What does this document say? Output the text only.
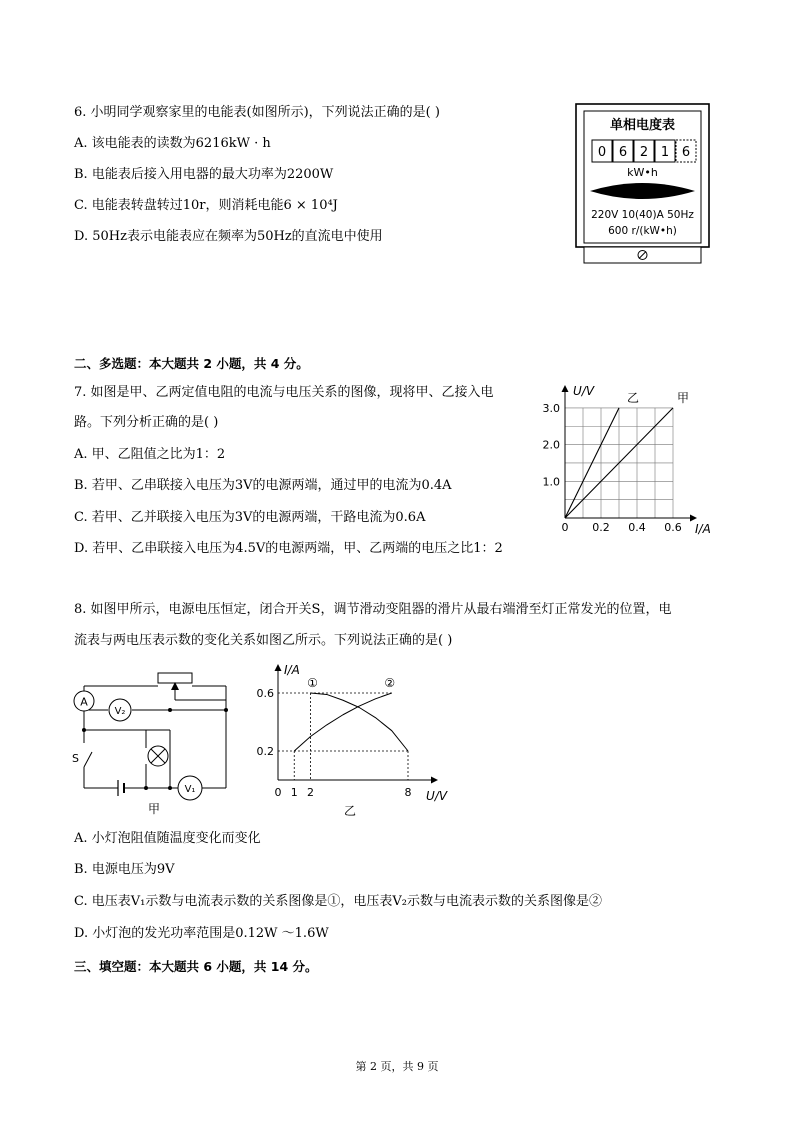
6. 小明同学观察家里的电能表(如图所示)，下列说法正确的是( )
A. 该电能表的读数为6216kW · h
B. 电能表后接入用电器的最大功率为2200W
C. 电能表转盘转过10r，则消耗电能6 × 10⁴J
D. 50Hz表示电能表应在频率为50Hz的直流电中使用
单相电度表
0 6 2 1 6
kW•h
220V 10(40)A 50Hz
600 r/(kW•h)
二、多选题：本大题共 2 小题，共 4 分。
7. 如图是甲、乙两定值电阻的电流与电压关系的图像，现将甲、乙接入电
路。下列分析正确的是( )
A. 甲、乙阻值之比为1：2
B. 若甲、乙串联接入电压为3V的电源两端，通过甲的电流为0.4A
C. 若甲、乙并联接入电压为3V的电源两端，干路电流为0.6A
D. 若甲、乙串联接入电压为4.5V的电源两端，甲、乙两端的电压之比1：2
0 0.2 0.4 0.6
1.0
2.0
3.0
甲
乙
U/V
I/A
8. 如图甲所示，电源电压恒定，闭合开关S，调节滑动变阻器的滑片从最右端滑至灯正常发光的位置，电
流表与两电压表示数的变化关系如图乙所示。下列说法正确的是( )
A
V₂
V₁
S
甲
0 1 2	8
0.2
0.6
①	②
I/A
U/V
乙
A. 小灯泡阻值随温度变化而变化
B. 电源电压为9V
C. 电压表V₁示数与电流表示数的关系图像是①，电压表V₂示数与电流表示数的关系图像是②
D. 小灯泡的发光功率范围是0.12W ～1.6W
三、填空题：本大题共 6 小题，共 14 分。
第 2 页，共 9 页
